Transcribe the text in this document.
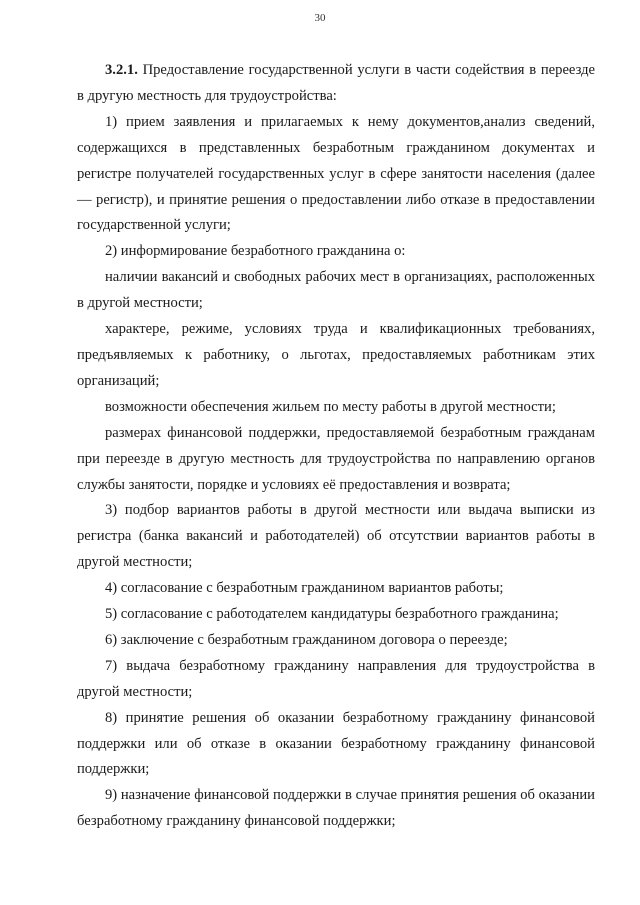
30

3.2.1. Предоставление государственной услуги в части содействия в переезде в другую местность для трудоустройства:

1) прием заявления и прилагаемых к нему документов,анализ сведений, содержащихся в представленных безработным гражданином документах и регистре получателей государственных услуг в сфере занятости населения (далее — регистр), и принятие решения о предоставлении либо отказе в предоставлении государственной услуги;

2) информирование безработного гражданина о:

наличии вакансий и свободных рабочих мест в организациях, расположенных в другой местности;

характере, режиме, условиях труда и квалификационных требованиях, предъявляемых к работнику, о льготах, предоставляемых работникам этих организаций;

возможности обеспечения жильем по месту работы в другой местности;

размерах финансовой поддержки, предоставляемой безработным гражданам при переезде в другую местность для трудоустройства по направлению органов службы занятости, порядке и условиях её предоставления и возврата;

3) подбор вариантов работы в другой местности или выдача выписки из регистра (банка вакансий и работодателей) об отсутствии вариантов работы в другой местности;

4) согласование с безработным гражданином вариантов работы;

5) согласование с работодателем кандидатуры безработного гражданина;

6) заключение с безработным гражданином договора о переезде;

7) выдача безработному гражданину направления для трудоустройства в другой местности;

8) принятие решения об оказании безработному гражданину финансовой поддержки или об отказе в оказании безработному гражданину финансовой поддержки;

9) назначение финансовой поддержки в случае принятия решения об оказании безработному гражданину финансовой поддержки;
